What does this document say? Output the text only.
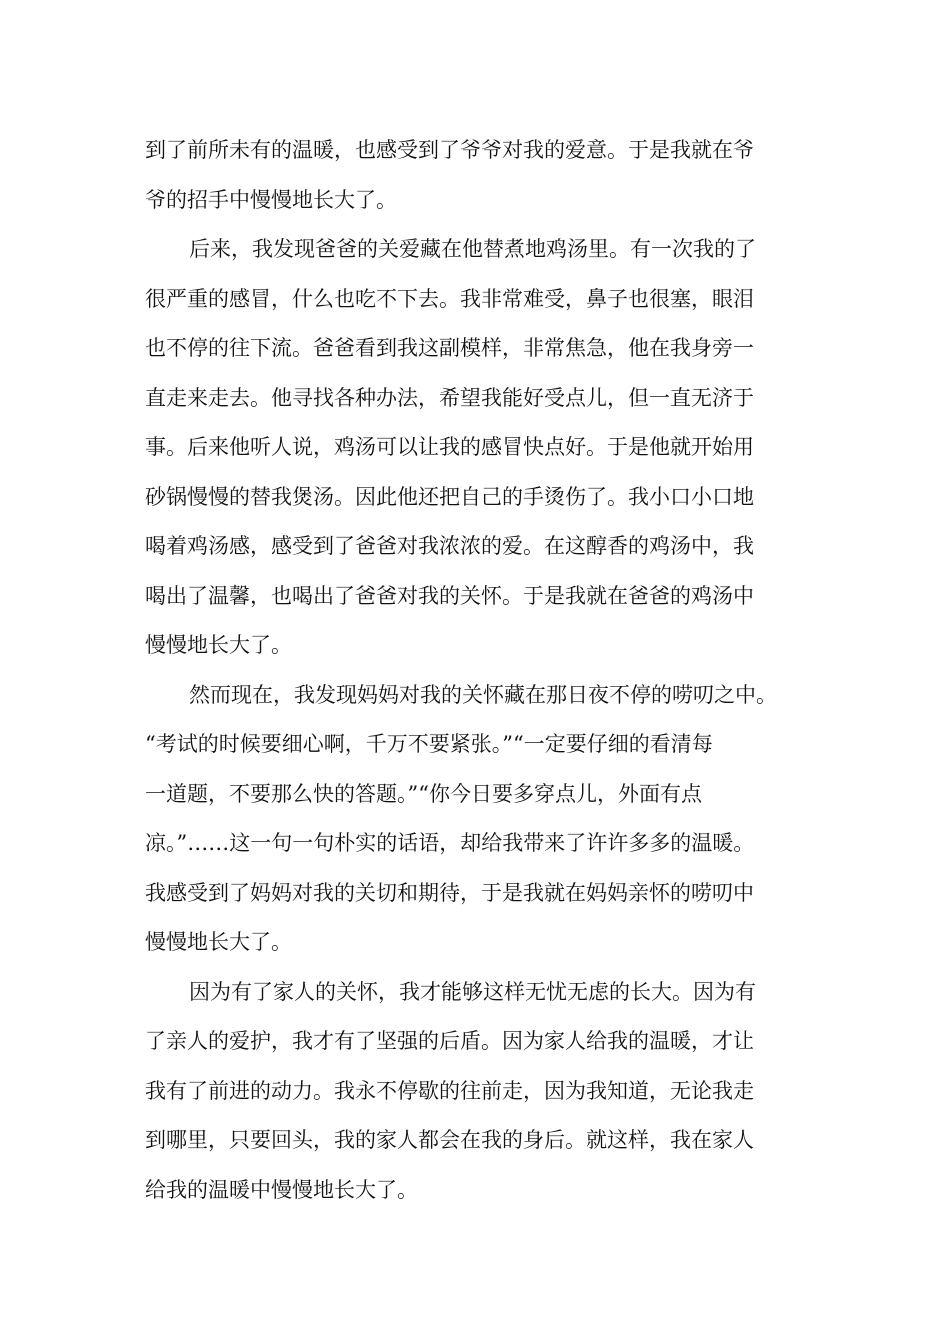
到了前所未有的温暖，也感受到了爷爷对我的爱意。于是我就在爷
爷的招手中慢慢地长大了。
后来，我发现爸爸的关爱藏在他替煮地鸡汤里。有一次我的了
很严重的感冒，什么也吃不下去。我非常难受，鼻子也很塞，眼泪
也不停的往下流。爸爸看到我这副模样，非常焦急，他在我身旁一
直走来走去。他寻找各种办法，希望我能好受点儿，但一直无济于
事。后来他听人说，鸡汤可以让我的感冒快点好。于是他就开始用
砂锅慢慢的替我煲汤。因此他还把自己的手烫伤了。我小口小口地
喝着鸡汤感，感受到了爸爸对我浓浓的爱。在这醇香的鸡汤中，我
喝出了温馨，也喝出了爸爸对我的关怀。于是我就在爸爸的鸡汤中
慢慢地长大了。
然而现在，我发现妈妈对我的关怀藏在那日夜不停的唠叨之中。
“考试的时候要细心啊，千万不要紧张。”“一定要仔细的看清每
一道题，不要那么快的答题。”“你今日要多穿点儿，外面有点
凉。”……这一句一句朴实的话语，却给我带来了许许多多的温暖。
我感受到了妈妈对我的关切和期待，于是我就在妈妈亲怀的唠叨中
慢慢地长大了。
因为有了家人的关怀，我才能够这样无忧无虑的长大。因为有
了亲人的爱护，我才有了坚强的后盾。因为家人给我的温暖，才让
我有了前进的动力。我永不停歇的往前走，因为我知道，无论我走
到哪里，只要回头，我的家人都会在我的身后。就这样，我在家人
给我的温暖中慢慢地长大了。
